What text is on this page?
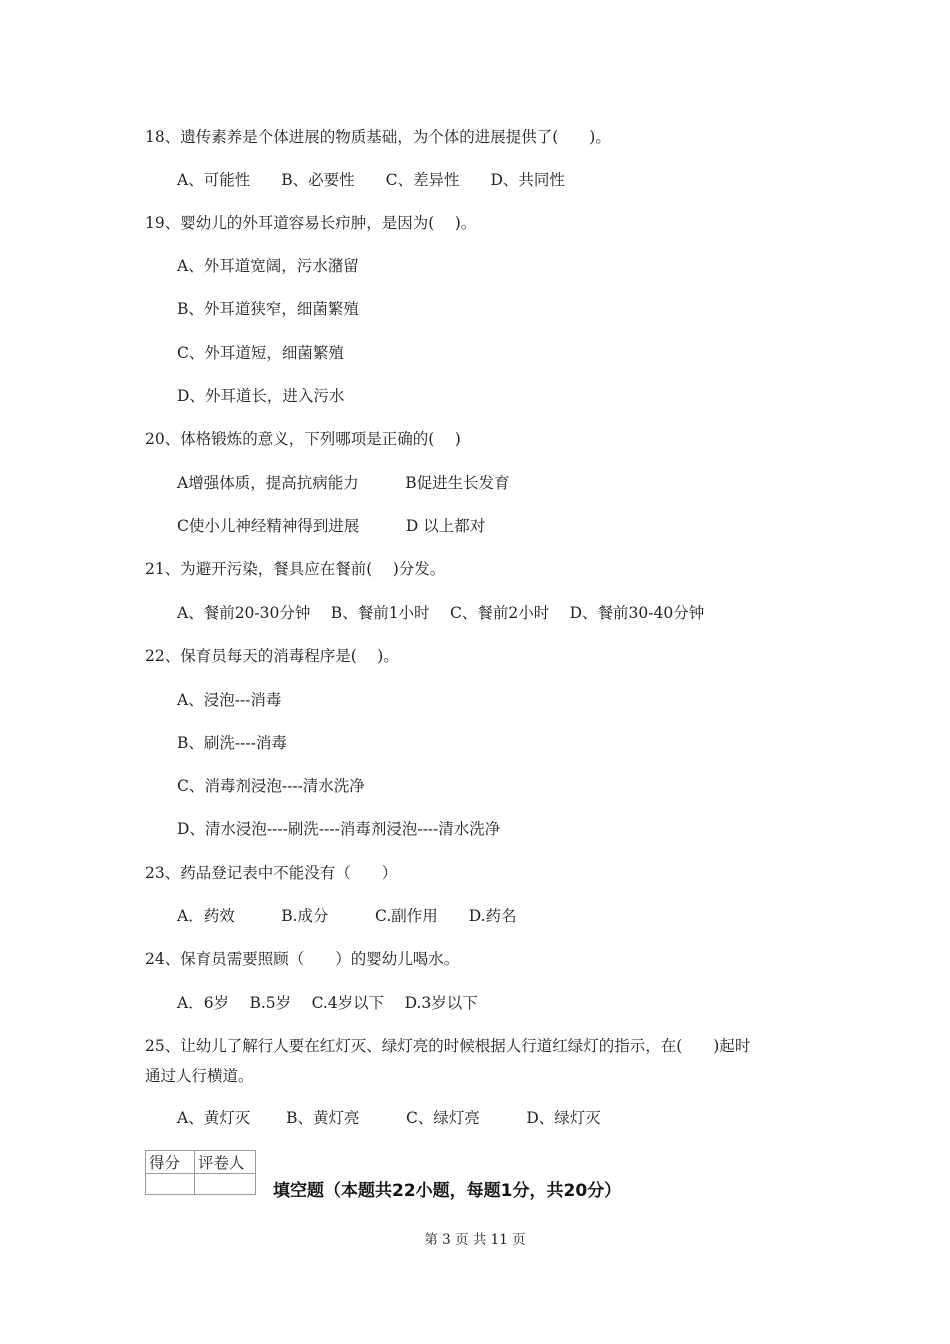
18、遗传素养是个体进展的物质基础，为个体的进展提供了(　　)。
A、可能性　　B、必要性　　C、差异性　　D、共同性
19、婴幼儿的外耳道容易长疖肿，是因为(　 )。
A、外耳道宽阔，污水潴留
B、外耳道狭窄，细菌繁殖
C、外耳道短，细菌繁殖
D、外耳道长，进入污水
20、体格锻炼的意义，下列哪项是正确的(　 )
A增强体质，提高抗病能力　　　B促进生长发育
C使小儿神经精神得到进展　　　D 以上都对
21、为避开污染，餐具应在餐前(　 )分发。
A、餐前20-30分钟　 B、餐前1小时　 C、餐前2小时　 D、餐前30-40分钟
22、保育员每天的消毒程序是(　 )。
A、浸泡---消毒
B、刷洗----消毒
C、消毒剂浸泡----清水洗净
D、清水浸泡----刷洗----消毒剂浸泡----清水洗净
23、药品登记表中不能没有（　　）
A．药效　　　B.成分　　　C.副作用　　D.药名
24、保育员需要照顾（　　）的婴幼儿喝水。
A．6岁　 B.5岁　 C.4岁以下　 D.3岁以下
25、让幼儿了解行人要在红灯灭、绿灯亮的时候根据人行道红绿灯的指示，在(　　)起时
通过人行横道。
A、黄灯灭　　 B、黄灯亮　　　C、绿灯亮　　　D、绿灯灭
得分	评卷人

填空题（本题共22小题，每题1分，共20分）
第 3 页 共 11 页
